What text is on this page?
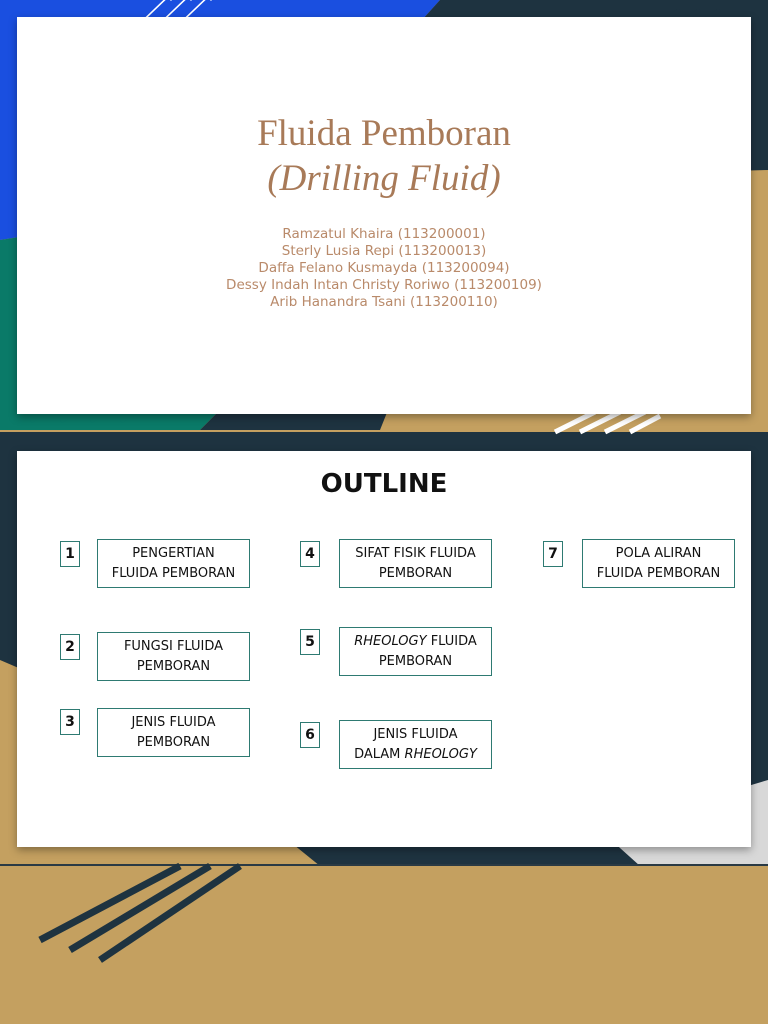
Fluida Pemboran
(Drilling Fluid)
Ramzatul Khaira (113200001)
Sterly Lusia Repi (113200013)
Daffa Felano Kusmayda (113200094)
Dessy Indah Intan Christy Roriwo (113200109)
Arib Hanandra Tsani (113200110)
OUTLINE
1	PENGERTIAN
FLUIDA PEMBORAN
2	FUNGSI FLUIDA
PEMBORAN
3	JENIS FLUIDA
PEMBORAN
4	SIFAT FISIK FLUIDA
PEMBORAN
5	RHEOLOGY FLUIDA
PEMBORAN
6	JENIS FLUIDA
DALAM RHEOLOGY
7	POLA ALIRAN
FLUIDA PEMBORAN
